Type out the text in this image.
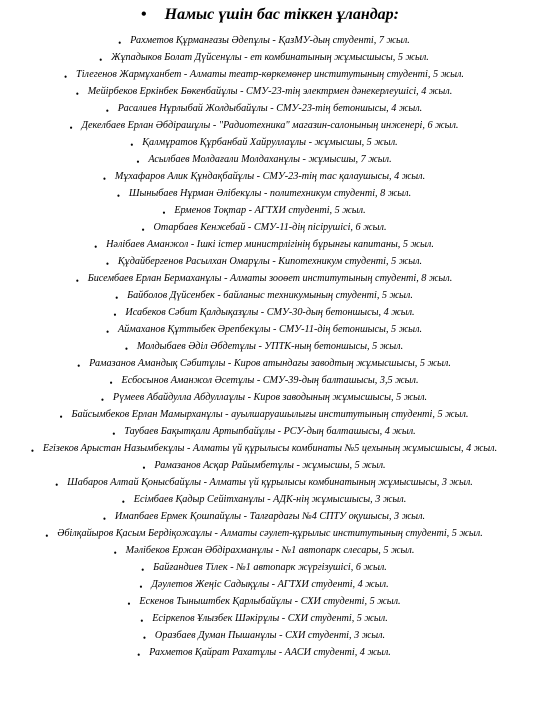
• Намыс үшін бас тіккен ұландар:
• Рахметов Құрманғазы Әдепұлы - ҚазМУ-дың студенті, 7 жыл.
• Жұпадыков Болат Дүйсенұлы - ет комбинатының жұмысшысы, 5 жыл.
• Тілегенов Жармұханбет - Алматы театр-көркемөнер институтының студенті, 5 жыл.
• Мейірбеков Еркінбек Бөкенбайұлы - СМУ-23-тің электрмен дәнекерлеушісі, 4 жыл.
• Расалиев Нұрлыбай Жолдыбайұлы - СМУ-23-тің бетоншысы, 4 жыл.
• Декелбаев Ерлан Әбдірашұлы - "Радиотехника" магазин-салонының инженері, 6 жыл.
• Қалмұратов Құрбанбай Хайруллаұлы - жұмысшы, 5 жыл.
• Асылбаев Молдағали Молдаханұлы - жұмысшы, 7 жыл.
• Мұхафаров Алик Құндақбайұлы - СМУ-23-тің тас қалаушысы, 4 жыл.
• Шыныбаев Нұрман Әлібекұлы - политехникум студенті, 8 жыл.
• Ерменов Тоқтар - АГТХИ студенті, 5 жыл.
• Отарбаев Кенжебай - СМУ-11-дің пісірушісі, 6 жыл.
• Нәлібаев Аманжол - Ішкі істер министрлігінің бұрынғы капитаны, 5 жыл.
• Құдайбергенов Расылхан Омарұлы - Кипотехникум студенті, 5 жыл.
• Бисембаев Ерлан Бермаханұлы - Алматы зооөет институтының студенті, 8 жыл.
• Байболов Дүйсенбек - байланыс техникумының студенті, 5 жыл.
• Исабеков Сәбит Қалдықазұлы - СМУ-30-дың бетоншысы, 4 жыл.
• Аймаханов Құттыбек Әрепбекұлы - СМУ-11-дің бетоншысы, 5 жыл.
• Молдыбаев Әділ Әбдетұлы - УПТК-ның бетоншысы, 5 жыл.
• Рамазанов Амандық Сәбитұлы - Киров атындағы заводтың жұмысшысы, 5 жыл.
• Есбосынов Аманжол Әсетұлы - СМУ-39-дың балташысы, 3,5 жыл.
• Рүмеев Абайдулла Абдуллаұлы - Киров заводының жұмысшысы, 5 жыл.
• Байсымбеков Ерлан Мамырханұлы - ауылшаруашылығы институтының студенті, 5 жыл.
• Таубаев Бақытқали Артыпбайұлы - РСУ-дың балташысы, 4 жыл.
• Егізеков Арыстан Назымбекұлы - Алматы үй құрылысы комбинаты №5 цехының жұмысшысы, 4 жыл.
• Рамазанов Асқар Райымбетұлы - жұмысшы, 5 жыл.
• Шабаров Алтай Қонысбайұлы - Алматы үй құрылысы комбинатының жұмысшысы, 3 жыл.
• Есімбаев Қадыр Сейітханұлы - АДК-нің жұмысшысы, 3 жыл.
• Имапбаев Ермек Қошпайұлы - Талғардағы №4 СПТУ оқушысы, 3 жыл.
• Әбілқайыров Қасым Бердіқожаұлы - Алматы сәулет-құрылыс институтының студенті, 5 жыл.
• Мәлібеков Ержан Әбдірахманұлы - №1 автопарк слесары, 5 жыл.
• Байғандиев Тілек - №1 автопарк жүргізушісі, 6 жыл.
• Дәулетов Жеңіс Садықұлы - АГТХИ студенті, 4 жыл.
• Ескенов Тыныштбек Қарлыбайұлы - СХИ студенті, 5 жыл.
• Есіркепов Ұлызбек Шәкірұлы - СХИ студенті, 5 жыл.
• Оразбаев Думан Пышанұлы - СХИ студенті, 3 жыл.
• Рахметов Қайрат Рахатұлы - ААСИ студенті, 4 жыл.
